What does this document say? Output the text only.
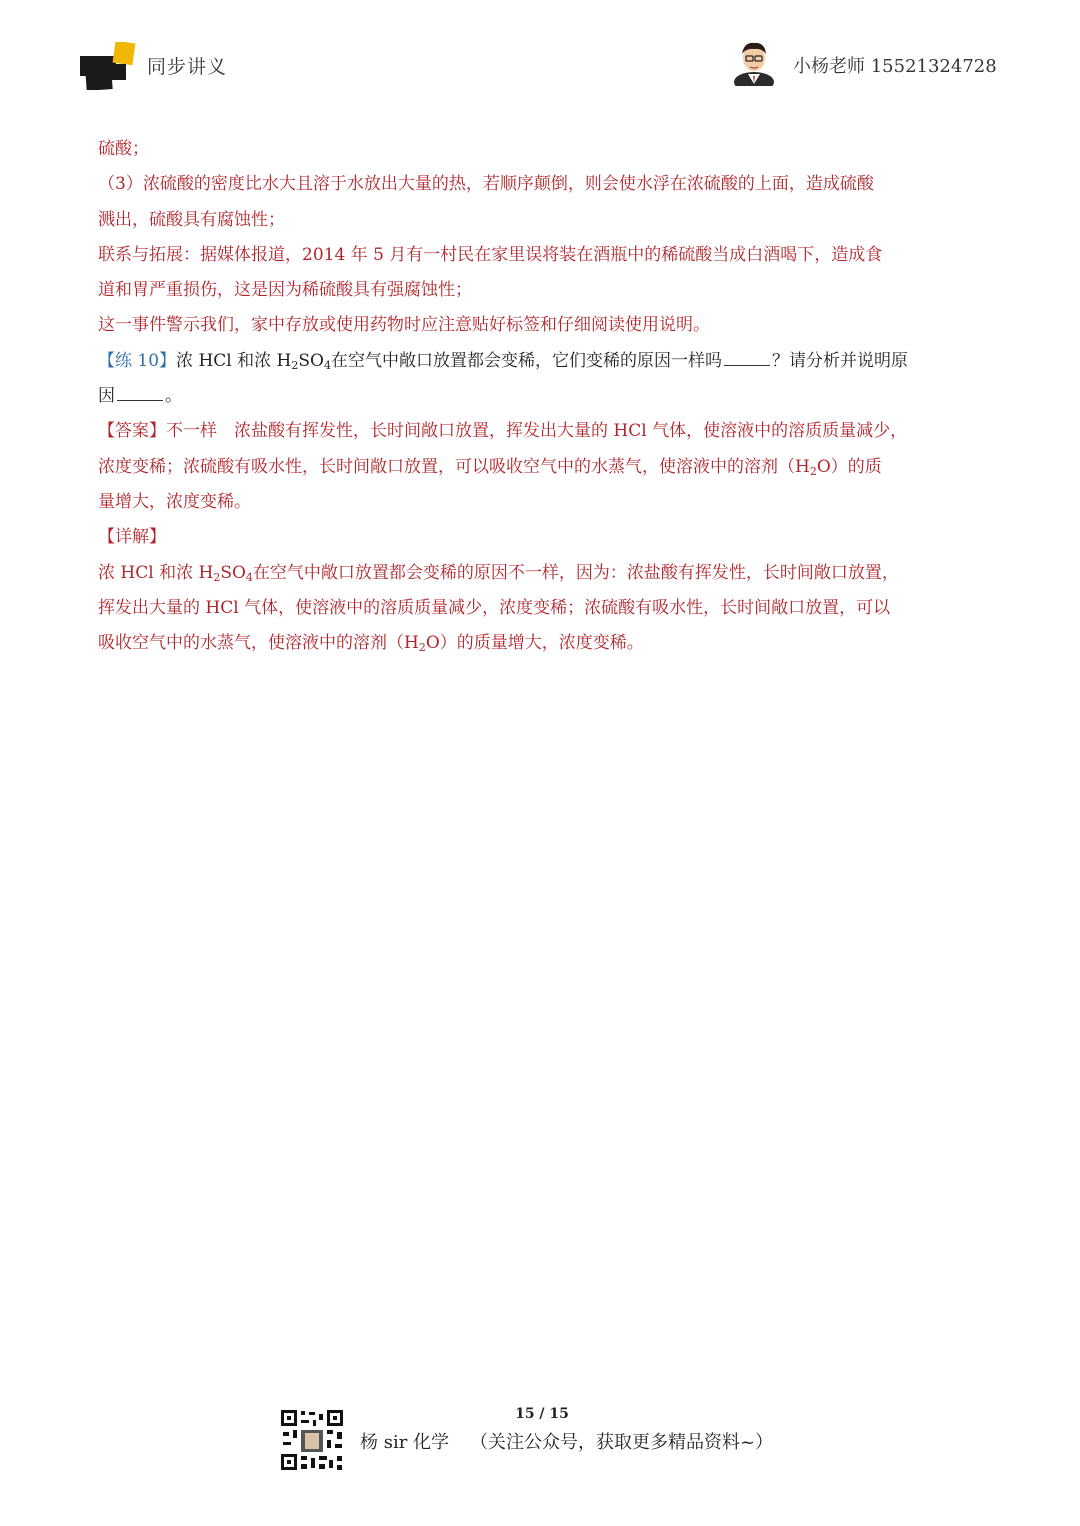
同步讲义	小杨老师 15521324728
硫酸；
（3）浓硫酸的密度比水大且溶于水放出大量的热，若顺序颠倒，则会使水浮在浓硫酸的上面，造成硫酸
溅出，硫酸具有腐蚀性；
联系与拓展：据媒体报道，2014 年 5 月有一村民在家里误将装在酒瓶中的稀硫酸当成白酒喝下，造成食
道和胃严重损伤，这是因为稀硫酸具有强腐蚀性；
这一事件警示我们，家中存放或使用药物时应注意贴好标签和仔细阅读使用说明。
【练 10】浓 HCl 和浓 $H_2SO_4$在空气中敞口放置都会变稀，它们变稀的原因一样吗	？请分析并说明原
因	。
【答案】不一样　浓盐酸有挥发性，长时间敞口放置，挥发出大量的 HCl 气体，使溶液中的溶质质量减少，
浓度变稀；浓硫酸有吸水性，长时间敞口放置，可以吸收空气中的水蒸气，使溶液中的溶剂$(H_2O)$的质
量增大，浓度变稀。
【详解】
浓 HCl 和浓 $H_2SO_4$在空气中敞口放置都会变稀的原因不一样，因为：浓盐酸有挥发性，长时间敞口放置，
挥发出大量的 HCl 气体，使溶液中的溶质质量减少，浓度变稀；浓硫酸有吸水性，长时间敞口放置，可以
吸收空气中的水蒸气，使溶液中的溶剂$(H_2O)$的质量增大，浓度变稀。
15 / 15
杨 sir 化学 （关注公众号，获取更多精品资料~）
